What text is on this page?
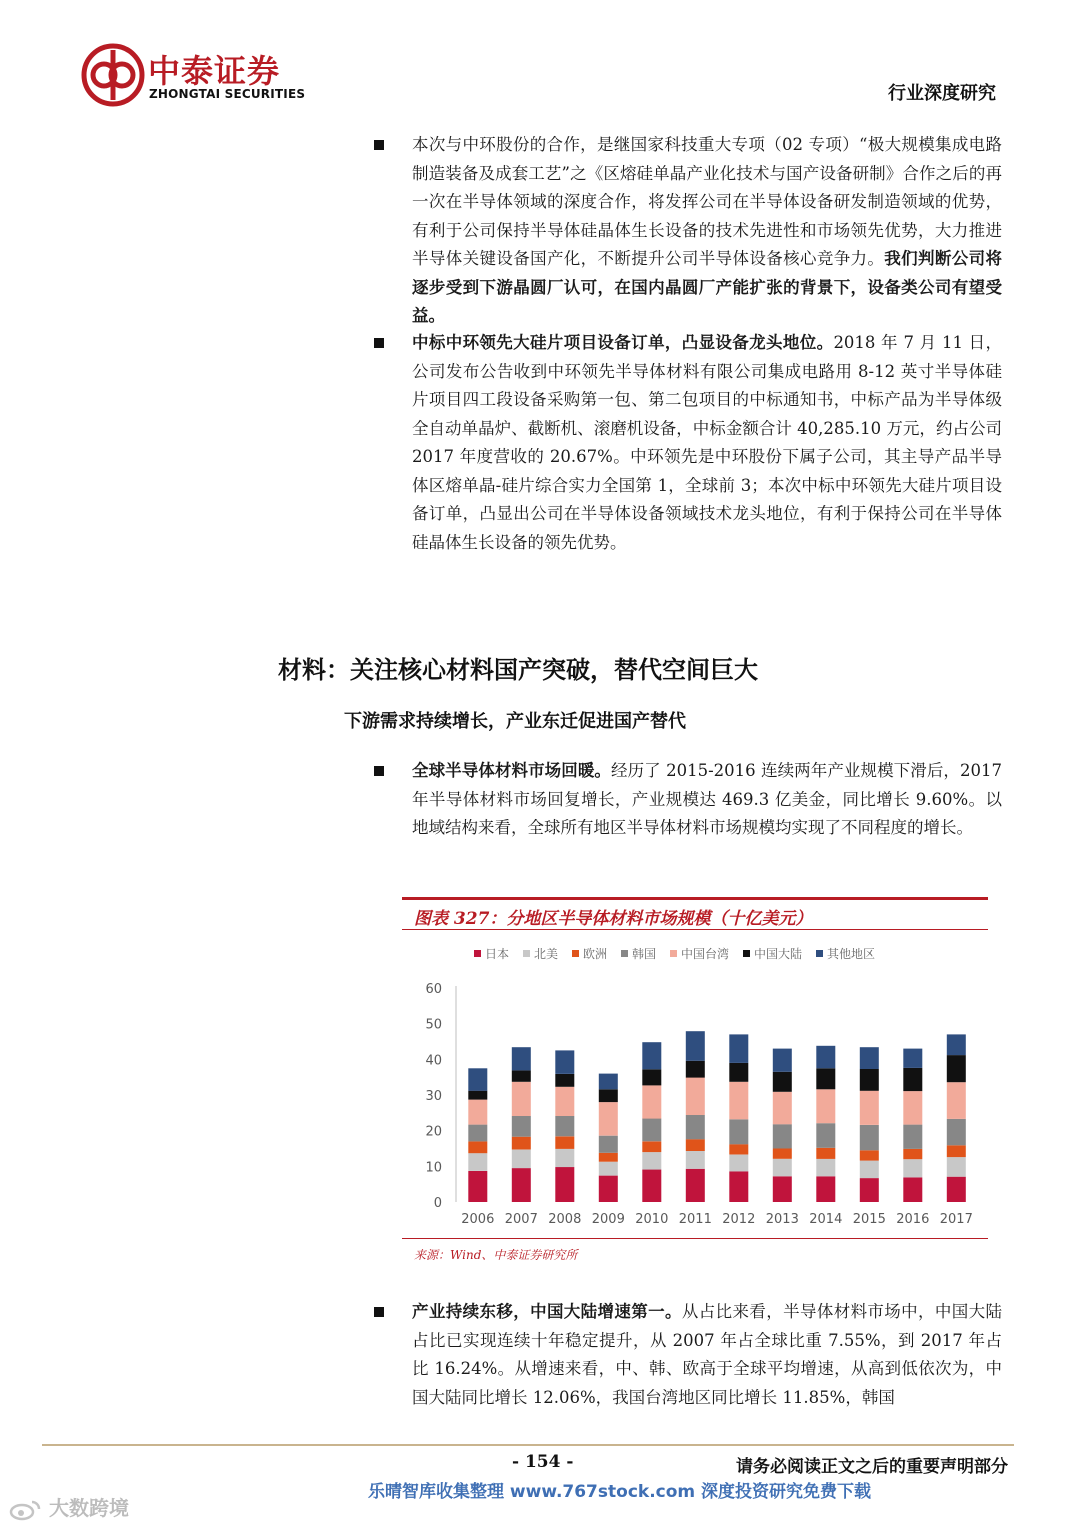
中泰证券
ZHONGTAI SECURITIES	行业深度研究
本次与中环股份的合作，是继国家科技重大专项（02 专项）“极大规模集成电路制造装备及成套工艺”之《区熔硅单晶产业化技术与国产设备研制》合作之后的再一次在半导体领域的深度合作，将发挥公司在半导体设备研发制造领域的优势，有利于公司保持半导体硅晶体生长设备的技术先进性和市场领先优势，大力推进半导体关键设备国产化，不断提升公司半导体设备核心竞争力。我们判断公司将逐步受到下游晶圆厂认可，在国内晶圆厂产能扩张的背景下，设备类公司有望受益。
中标中环领先大硅片项目设备订单，凸显设备龙头地位。2018 年 7 月 11 日，公司发布公告收到中环领先半导体材料有限公司集成电路用 8-12 英寸半导体硅片项目四工段设备采购第一包、第二包项目的中标通知书，中标产品为半导体级全自动单晶炉、截断机、滚磨机设备，中标金额合计 40,285.10 万元，约占公司 2017 年度营收的 20.67%。中环领先是中环股份下属子公司，其主导产品半导体区熔单晶-硅片综合实力全国第 1，全球前 3；本次中标中环领先大硅片项目设备订单，凸显出公司在半导体设备领域技术龙头地位，有利于保持公司在半导体硅晶体生长设备的领先优势。
材料：关注核心材料国产突破，替代空间巨大
下游需求持续增长，产业东迁促进国产替代
全球半导体材料市场回暖。经历了 2015-2016 连续两年产业规模下滑后，2017 年半导体材料市场回复增长，产业规模达 469.3 亿美金，同比增长 9.60%。以地域结构来看，全球所有地区半导体材料市场规模均实现了不同程度的增长。
图表 327：分地区半导体材料市场规模（十亿美元）
日本 北美 欧洲 韩国 中国台湾 中国大陆 其他地区
0
10
20
30
40
50
60
2006 2007 2008 2009 2010 2011 2012 2013 2014 2015 2016 2017
来源：Wind、中泰证券研究所
产业持续东移，中国大陆增速第一。从占比来看，半导体材料市场中，中国大陆占比已实现连续十年稳定提升，从 2007 年占全球比重 7.55%，到 2017 年占比 16.24%。从增速来看，中、韩、欧高于全球平均增速，从高到低依次为，中国大陆同比增长 12.06%，我国台湾地区同比增长 11.85%，韩国
- 154 -	请务必阅读正文之后的重要声明部分
乐晴智库收集整理 www.767stock.com 深度投资研究免费下载
大数跨境
